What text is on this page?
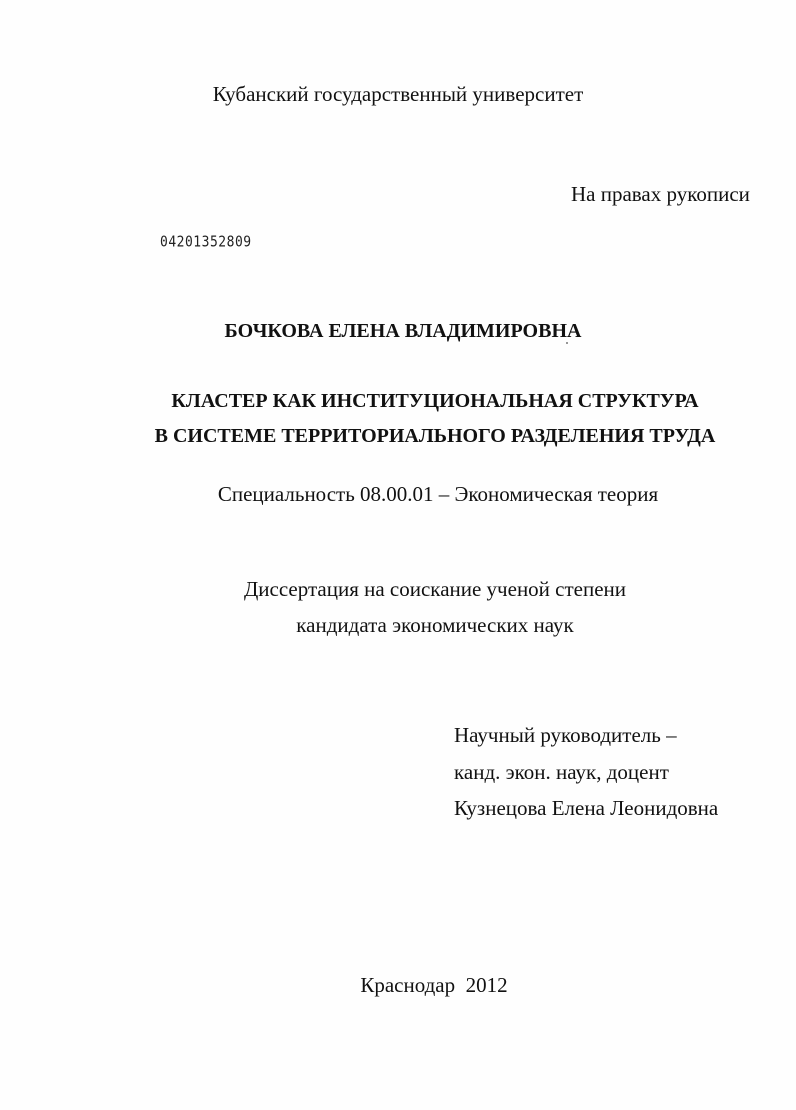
Кубанский государственный университет
На правах рукописи
04201352809
БОЧКОВА ЕЛЕНА ВЛАДИМИРОВНА
КЛАСТЕР КАК ИНСТИТУЦИОНАЛЬНАЯ СТРУКТУРА
В СИСТЕМЕ ТЕРРИТОРИАЛЬНОГО РАЗДЕЛЕНИЯ ТРУДА
Специальность 08.00.01 – Экономическая теория
Диссертация на соискание ученой степени
кандидата экономических наук
Научный руководитель –
канд. экон. наук, доцент
Кузнецова Елена Леонидовна
Краснодар  2012
